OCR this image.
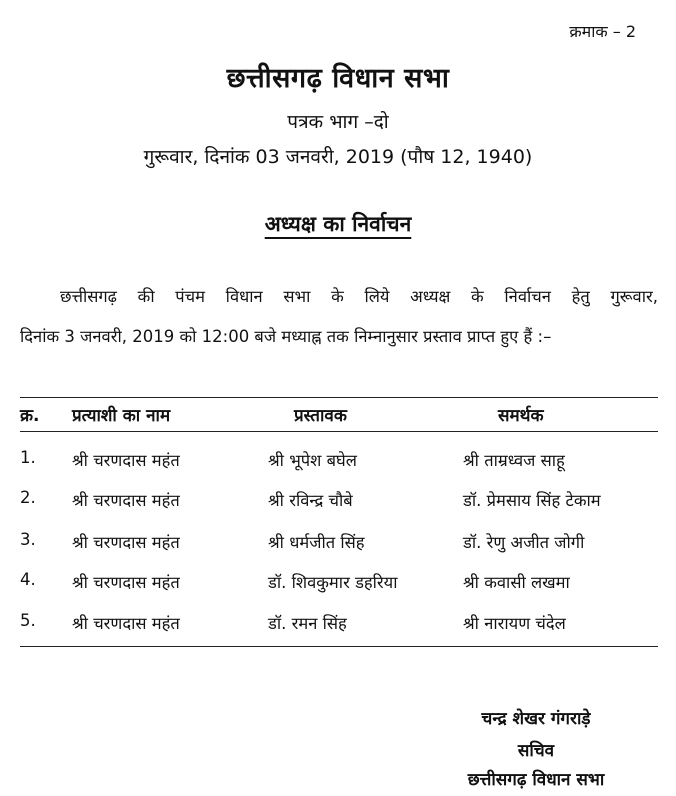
क्रमाक – 2
छत्तीसगढ़ विधान सभा
पत्रक भाग –दो
गुरूवार, दिनांक 03 जनवरी, 2019 (पौष 12, 1940)
अध्यक्ष का निर्वाचन
छत्तीसगढ़ की पंचम विधान सभा के लिये अध्यक्ष के निर्वाचन हेतु गुरूवार,
दिनांक 3 जनवरी, 2019 को 12:00 बजे मध्याह्न तक निम्नानुसार प्रस्ताव प्राप्त हुए हैं :–
क्र. प्रत्याशी का नाम	प्रस्तावक	समर्थक
1. श्री चरणदास महंत	श्री भूपेश बघेल	श्री ताम्रध्वज साहू
2. श्री चरणदास महंत	श्री रविन्द्र चौबे	डॉ. प्रेमसाय सिंह टेकाम
3. श्री चरणदास महंत	श्री धर्मजीत सिंह	डॉ. रेणु अजीत जोगी
4. श्री चरणदास महंत	डॉ. शिवकुमार डहरिया	श्री कवासी लखमा
5. श्री चरणदास महंत	डॉ. रमन सिंह	श्री नारायण चंदेल
चन्द्र शेखर गंगराड़े
सचिव
छत्तीसगढ़ विधान सभा
